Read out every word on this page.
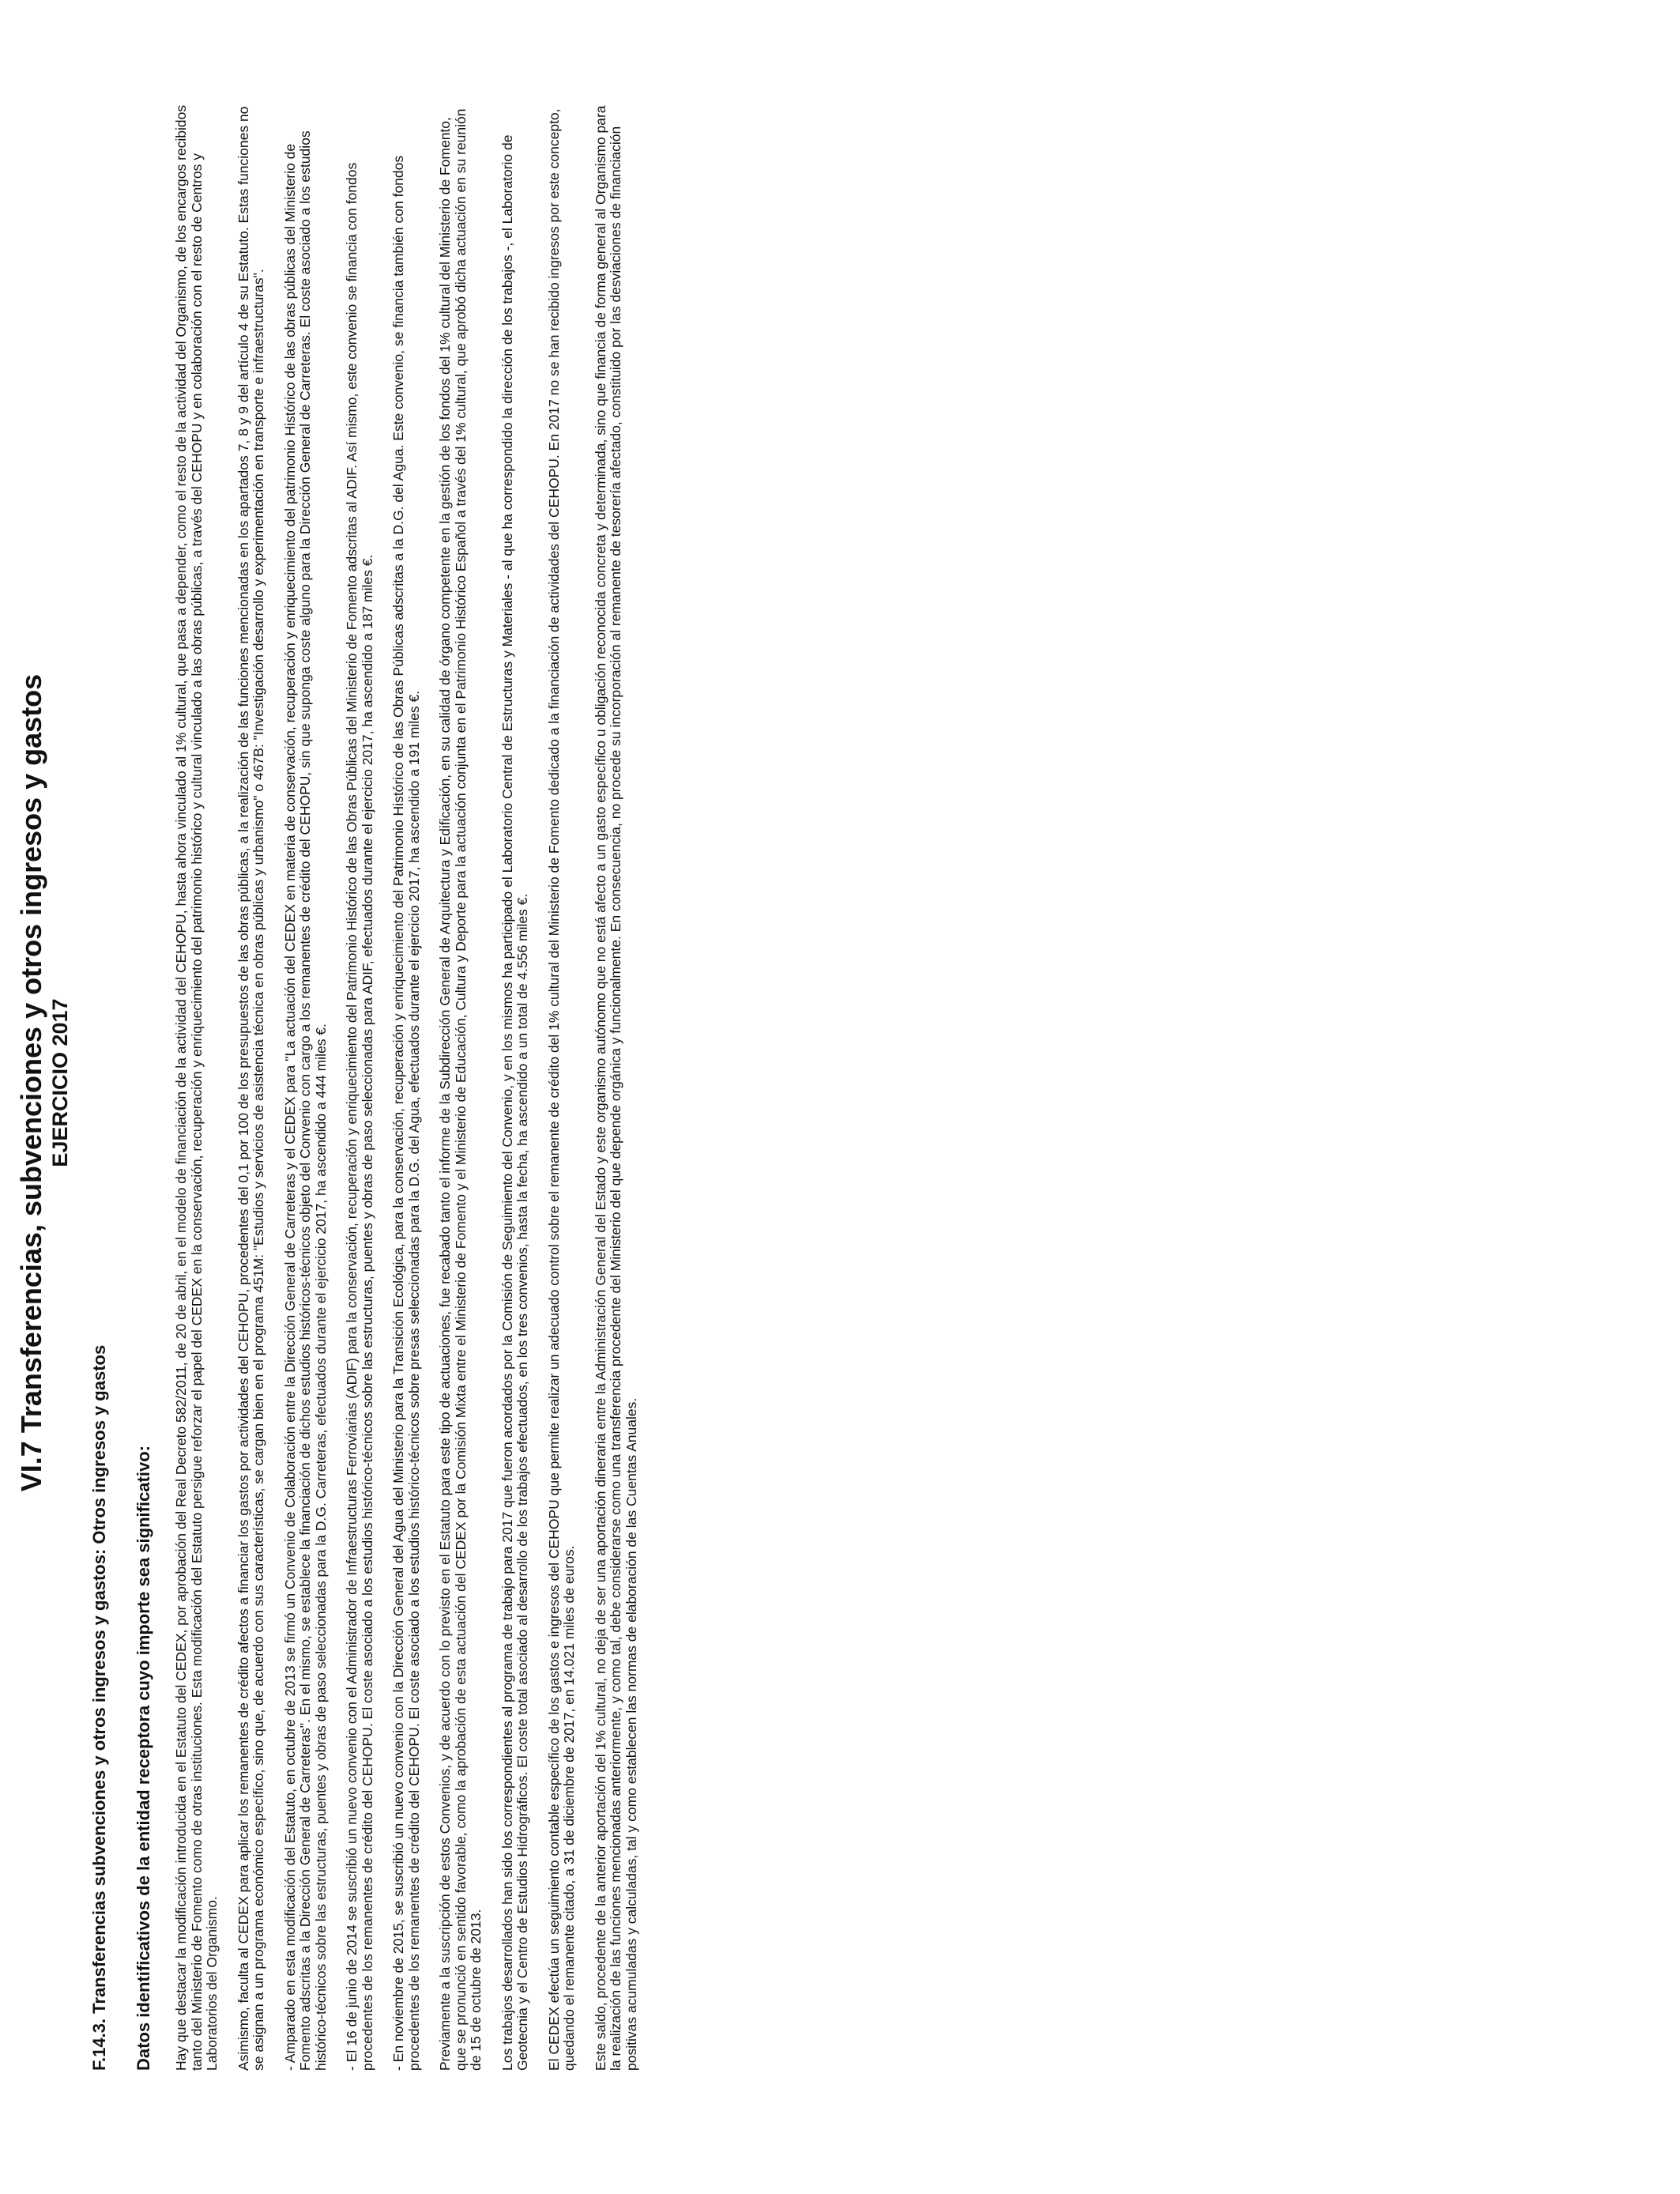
VI.7 Transferencias, subvenciones y otros ingresos y gastos EJERCICIO 2017
F.14.3. Transferencias subvenciones y otros ingresos y gastos: Otros ingresos y gastos Datos identificativos de la entidad receptora cuyo importe sea significativo: Hay que destacar la modificación introducida en el Estatuto del CEDEX, por aprobación del Real Decreto 582/2011, de 20 de abril, en el modelo de financiación de la actividad del CEHOPU, hasta ahora vinculado al 1% cultural, que pasa a depender, como el resto de la actividad del Organismo, de los encargos recibidos tanto del Ministerio de Fomento como de otras instituciones. Esta modificación del Estatuto persigue reforzar el papel del CEDEX en la conservación, recuperación y enriquecimiento del patrimonio histórico y cultural vinculado a las obras públicas, a través del CEHOPU y en colaboración con el resto de Centros y Laboratorios del Organismo. Asimismo, faculta al CEDEX para aplicar los remanentes de crédito afectos a financiar los gastos por actividades del CEHOPU, procedentes del 0,1 por 100 de los presupuestos de las obras públicas, a la realización de las funciones mencionadas en los apartados 7, 8 y 9 del artículo 4 de su Estatuto. Estas funciones no se asignan a un programa económico específico, sino que, de acuerdo con sus características, se cargan bien en el programa 451M: "Estudios y servicios de asistencia técnica en obras públicas y urbanismo" o 467B: "Investigación desarrollo y experimentación en transporte e infraestructuras". - Amparado en esta modificación del Estatuto, en octubre de 2013 se firmó un Convenio de Colaboración entre la Dirección General de Carreteras y el CEDEX para "La actuación del CEDEX en materia de conservación, recuperación y enriquecimiento del patrimonio Histórico de las obras públicas del Ministerio de Fomento adscritas a la Dirección General de Carreteras". En el mismo, se establece la financiación de dichos estudios históricos-técnicos objeto del Convenio con cargo a los remanentes de crédito del CEHOPU, sin que suponga coste alguno para la Dirección General de Carreteras. El coste asociado a los estudios histórico-técnicos sobre las estructuras, puentes y obras de paso seleccionadas para la D.G. Carreteras, efectuados durante el ejercicio 2017, ha ascendido a 444 miles €. - El 16 de junio de 2014 se suscribió un nuevo convenio con el Administrador de Infraestructuras Ferroviarias (ADIF) para la conservación, recuperación y enriquecimiento del Patrimonio Histórico de las Obras Públicas del Ministerio de Fomento adscritas al ADIF. Así mismo, este convenio se financia con fondos procedentes de los remanentes de crédito del CEHOPU. El coste asociado a los estudios histórico-técnicos sobre las estructuras, puentes y obras de paso seleccionadas para ADIF, efectuados durante el ejercicio 2017, ha ascendido a 187 miles €. - En noviembre de 2015, se suscribió un nuevo convenio con la Dirección General del Agua del Ministerio para la Transición Ecológica, para la conservación, recuperación y enriquecimiento del Patrimonio Histórico de las Obras Públicas adscritas a la D.G. del Agua. Este convenio, se financia también con fondos procedentes de los remanentes de crédito del CEHOPU. El coste asociado a los estudios histórico-técnicos sobre presas seleccionadas para la D.G. del Agua, efectuados durante el ejercicio 2017, ha ascendido a 191 miles €. Previamente a la suscripción de estos Convenios, y de acuerdo con lo previsto en el Estatuto para este tipo de actuaciones, fue recabado tanto el informe de la Subdirección General de Arquitectura y Edificación, en su calidad de órgano competente en la gestión de los fondos del 1% cultural del Ministerio de Fomento, que se pronunció en sentido favorable, como la aprobación de esta actuación del CEDEX por la Comisión Mixta entre el Ministerio de Fomento y el Ministerio de Educación, Cultura y Deporte para la actuación conjunta en el Patrimonio Histórico Español a través del 1% cultural, que aprobó dicha actuación en su reunión de 15 de octubre de 2013. Los trabajos desarrollados han sido los correspondientes al programa de trabajo para 2017 que fueron acordados por la Comisión de Seguimiento del Convenio, y en los mismos ha participado el Laboratorio Central de Estructuras y Materiales - al que ha correspondido la dirección de los trabajos -, el Laboratorio de Geotecnia y el Centro de Estudios Hidrográficos. El coste total asociado al desarrollo de los trabajos efectuados, en los tres convenios, hasta la fecha, ha ascendido a un total de 4.556 miles €. El CEDEX efectúa un seguimiento contable específico de los gastos e ingresos del CEHOPU que permite realizar un adecuado control sobre el remanente de crédito del 1% cultural del Ministerio de Fomento dedicado a la financiación de actividades del CEHOPU. En 2017 no se han recibido ingresos por este concepto, quedando el remanente citado, a 31 de diciembre de 2017, en 14.021 miles de euros. Este saldo, procedente de la anterior aportación del 1% cultural, no deja de ser una aportación dineraria entre la Administración General del Estado y este organismo autónomo que no está afecto a un gasto específico u obligación reconocida concreta y determinada, sino que financia de forma general al Organismo para la realización de las funciones mencionadas anteriormente, y como tal, debe considerarse como una transferencia procedente del Ministerio del que depende orgánica y funcionalmente. En consecuencia, no procede su incorporación al remanente de tesorería afectado, constituido por las desviaciones de financiación positivas acumuladas y calculadas, tal y como establecen las normas de elaboración de las Cuentas Anuales.
